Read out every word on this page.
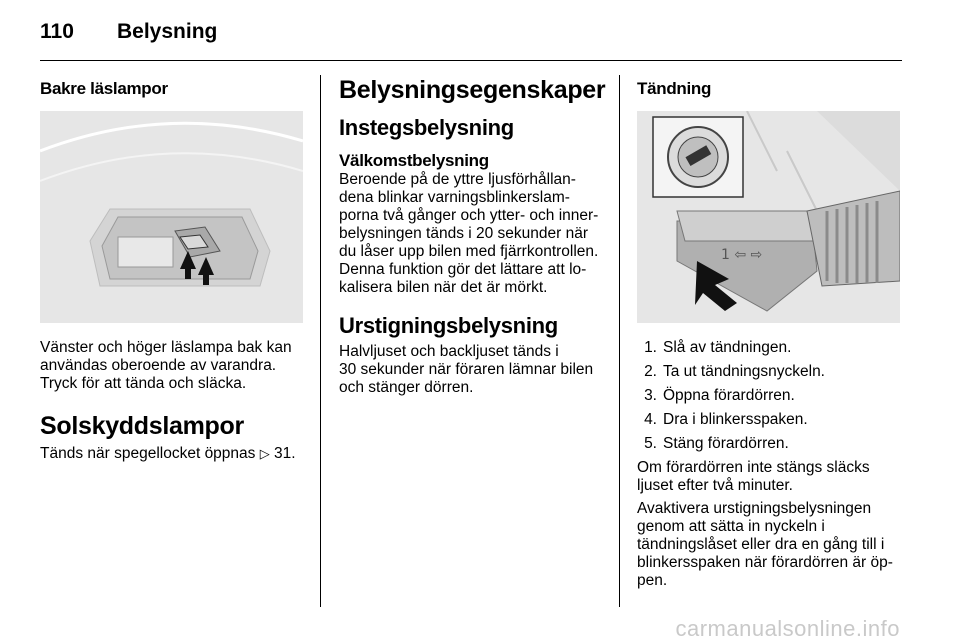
110 Belysning
Bakre läslampor

Vänster och höger läslampa bak kan

användas oberoende av varandra.

Tryck för att tända och släcka.

Solskyddslampor

Tänds när spegellocket öppnas ▷ 31.

Belysningsegenskaper
Instegsbelysning
Välkomstbelysning

Beroende på de yttre ljusförhållan-

dena blinkar varningsblinkerslam-

porna två gånger och ytter- och inner-

belysningen tänds i 20 sekunder när

du låser upp bilen med fjärrkontrollen.

Denna funktion gör det lättare att lo-

kalisera bilen när det är mörkt.

Urstigningsbelysning

Halvljuset och backljuset tänds i

30 sekunder när föraren lämnar bilen

och stänger dörren.

Tändning
1 ⇦ ⇨
1. Slå av tändningen.
2. Ta ut tändningsnyckeln.
3. Öppna förardörren.
4. Dra i blinkersspaken.
5. Stäng förardörren.

Om förardörren inte stängs släcks

ljuset efter två minuter.

Avaktivera urstigningsbelysningen

genom att sätta in nyckeln i

tändningslåset eller dra en gång till i

blinkersspaken när förardörren är öp-

pen.

carmanualsonline.info
